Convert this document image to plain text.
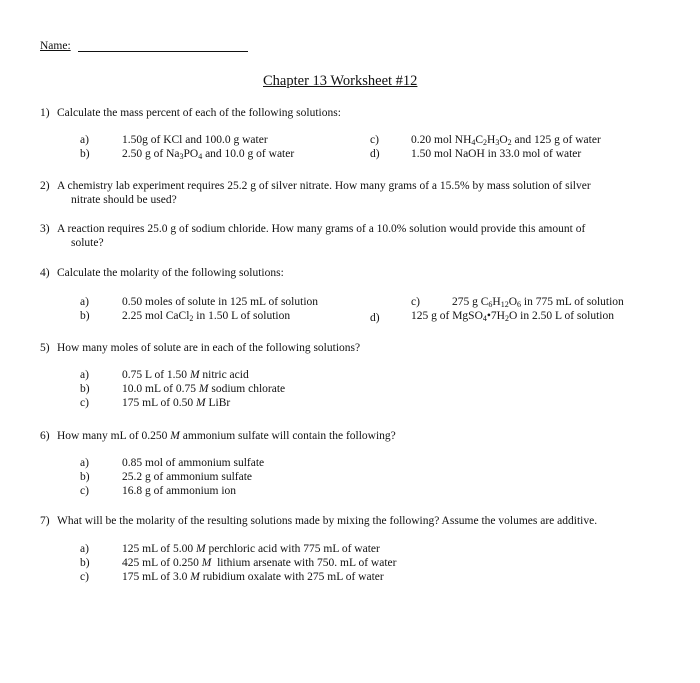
Name:
Chapter 13 Worksheet #12
1) Calculate the mass percent of each of the following solutions:
a)	1.50g of KCl and 100.0 g water
b)	2.50 g of $Na_3PO_4$ and 10.0 g of water
c)	0.20 mol $NH_4C_2H_3O_2$ and 125 g of water
d)	1.50 mol NaOH in 33.0 mol of water
2) A chemistry lab experiment requires 25.2 g of silver nitrate. How many grams of a 15.5% by mass solution of silver
nitrate should be used?
3) A reaction requires 25.0 g of sodium chloride. How many grams of a 10.0% solution would provide this amount of
solute?
4) Calculate the molarity of the following solutions:
a)	0.50 moles of solute in 125 mL of solution
b)	2.25 mol CaCl$_2$ in 1.50 L of solution
c)	275 g $C_6H_{12}O_6$ in 775 mL of solution
d)	125 g of $MgSO_4•7H_2O$ in 2.50 L of solution
5) How many moles of solute are in each of the following solutions?
a)	0.75 L of 1.50 M nitric acid
b)	10.0 mL of 0.75 M sodium chlorate
c)	175 mL of 0.50 M LiBr
6) How many mL of 0.250 M ammonium sulfate will contain the following?
a)	0.85 mol of ammonium sulfate
b)	25.2 g of ammonium sulfate
c)	16.8 g of ammonium ion
7) What will be the molarity of the resulting solutions made by mixing the following? Assume the volumes are additive.
a)	125 mL of 5.00 M perchloric acid with 775 mL of water
b)	425 mL of 0.250 M  lithium arsenate with 750. mL of water
c)	175 mL of 3.0 M rubidium oxalate with 275 mL of water
